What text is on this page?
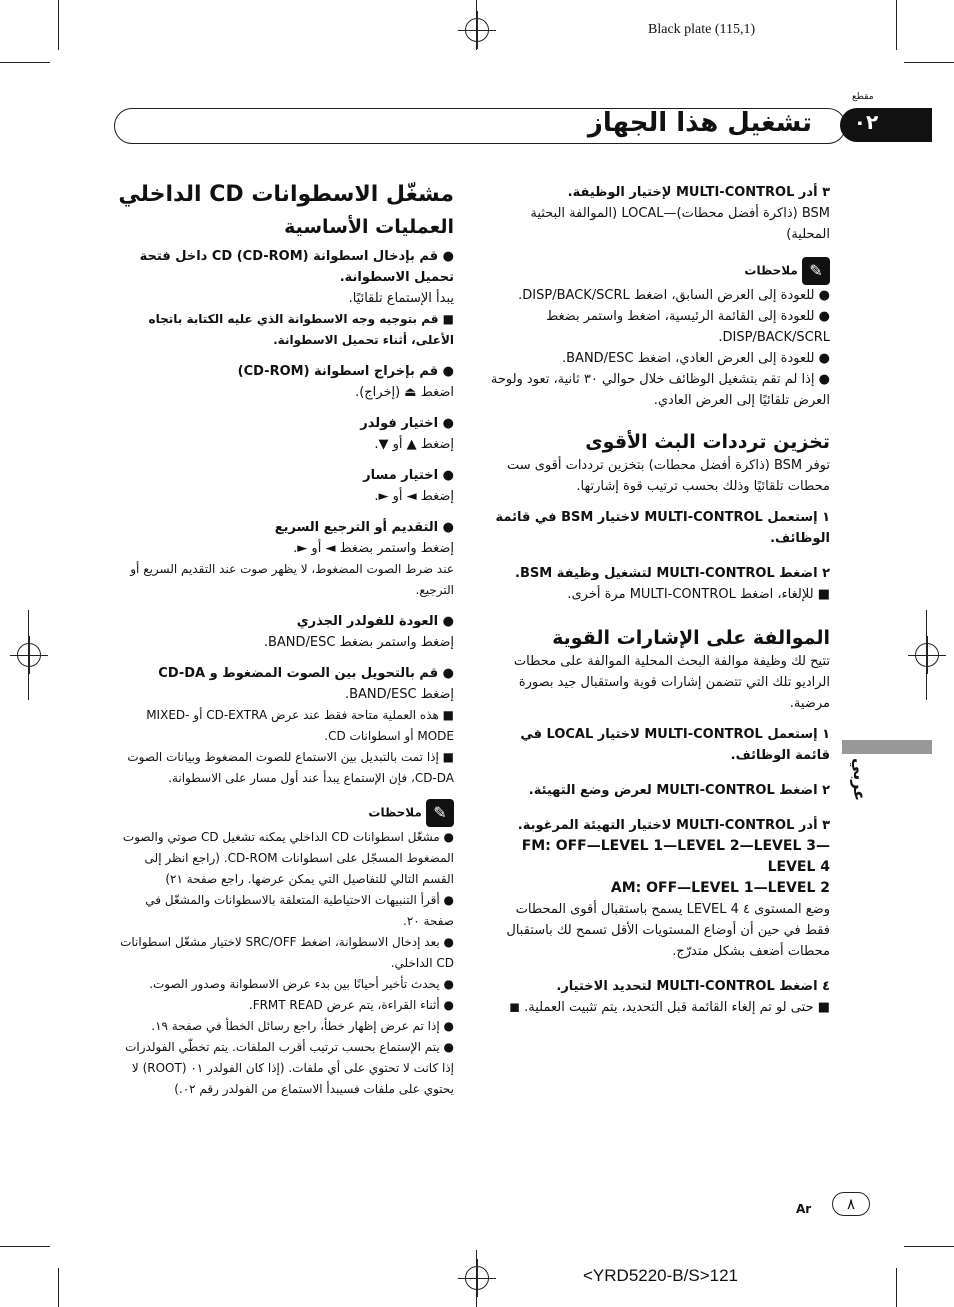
Black plate (115,1)
تشغيل هذا الجهاز	٠٢
مقطع
عربي

٣ أدر MULTI-CONTROL لإختيار الوظيفة.

BSM (ذاكرة أفضل محطات)—LOCAL (الموالفة البحثية المحلية)

✎ ملاحظات

● للعودة إلى العرض السابق، اضغط DISP/BACK/SCRL.

● للعودة إلى القائمة الرئيسية، اضغط واستمر بضغط DISP/BACK/SCRL.

● للعودة إلى العرض العادي، اضغط BAND/ESC.

● إذا لم تقم بتشغيل الوظائف خلال حوالي ٣٠ ثانية، تعود ولوحة العرض تلقائيًا إلى العرض العادي.

تخزين ترددات البث الأقوى

توفر BSM (ذاكرة أفضل محطات) بتخزين ترددات أقوى ست محطات تلقائيًا وذلك بحسب ترتيب قوة إشارتها.

١ إستعمل MULTI-CONTROL لاختيار BSM في قائمة الوظائف.

٢ اضغط MULTI-CONTROL لتشغيل وظيفة BSM.

■ للإلغاء، اضغط MULTI-CONTROL مرة أخرى.

الموالفة على الإشارات القوية

تتيح لك وظيفة موالفة البحث المحلية الموالفة على محطات الراديو تلك التي تتضمن إشارات قوية واستقبال جيد بصورة مرضية.

١ إستعمل MULTI-CONTROL لاختيار LOCAL في قائمة الوظائف.

٢ اضغط MULTI-CONTROL لعرض وضع التهيئة.

٣ أدر MULTI-CONTROL لاختيار التهيئة المرغوبة.

FM: OFF—LEVEL 1—LEVEL 2—LEVEL 3—LEVEL 4

AM: OFF—LEVEL 1—LEVEL 2

وضع المستوى ٤ LEVEL 4 يسمح باستقبال أقوى المحطات فقط في حين أن أوضاع المستويات الأقل تسمح لك باستقبال محطات أضعف بشكل متدرّج.

٤ اضغط MULTI-CONTROL لتحديد الاختيار.

■ حتى لو تم إلغاء القائمة قبل التحديد، يتم تثبيت العملية. ◼

مشغّل الاسطوانات CD الداخلي
العمليات الأساسية

● قم بإدخال اسطوانة CD (CD-ROM) داخل فتحة تحميل الاسطوانة.

يبدأ الإستماع تلقائيًا.

■ قم بتوجيه وجه الاسطوانة الذي عليه الكتابة باتجاه الأعلى، أثناء تحميل الاسطوانة.

● قم بإخراج اسطوانة (CD-ROM)

اضغط ⏏ (إخراج).

● اختيار فولدر

إضغط ▲ أو ▼.

● اختيار مسار

إضغط ◄ أو ►.

● التقديم أو الترجيع السريع

إضغط واستمر بضغط ◄ أو ►.

عند ضرط الصوت المضغوط، لا يظهر صوت عند التقديم السريع أو الترجيع.

● العودة للفولدر الجذري

إضغط واستمر بضغط BAND/ESC.

● قم بالتحويل بين الصوت المضغوط و CD-DA

إضغط BAND/ESC.

■ هذه العملية متاحة فقط عند عرض CD-EXTRA أو MIXED-MODE أو اسطوانات CD.

■ إذا تمت بالتبديل بين الاستماع للصوت المضغوط وبيانات الصوت CD-DA، فإن الإستماع يبدأ عند أول مسار على الاسطوانة.

✎ ملاحظات

● مشغّل اسطوانات CD الداخلي يمكنه تشغيل CD صوتي والصوت المضغوط المسجّل على اسطوانات CD-ROM. (راجع انظر إلى القسم التالي للتفاصيل التي يمكن عرضها. راجع صفحة ٢١)

● أقرأ التنبيهات الاحتياطية المتعلقة بالاسطوانات والمشغّل في صفحة ٢٠.

● بعد إدخال الاسطوانة، اضغط SRC/OFF لاختيار مشغّل اسطوانات CD الداخلي.

● يحدث تأخير أحيانًا بين بدء عرض الاسطوانة وصدور الصوت.

● أثناء القراءة، يتم عرض FRMT READ.

● إذا تم عرض إظهار خطأ، راجع رسائل الخطأ في صفحة ١٩.

● يتم الإستماع بحسب ترتيب أقرب الملفات. يتم تخطّي الفولدرات إذا كانت لا تحتوي على أي ملفات. (إذا كان الفولدر ٠١ (ROOT) لا يحتوي على ملفات فسيبدأ الاستماع من الفولدر رقم ٠٢.)

٨
Ar
<YRD5220-B/S>121
